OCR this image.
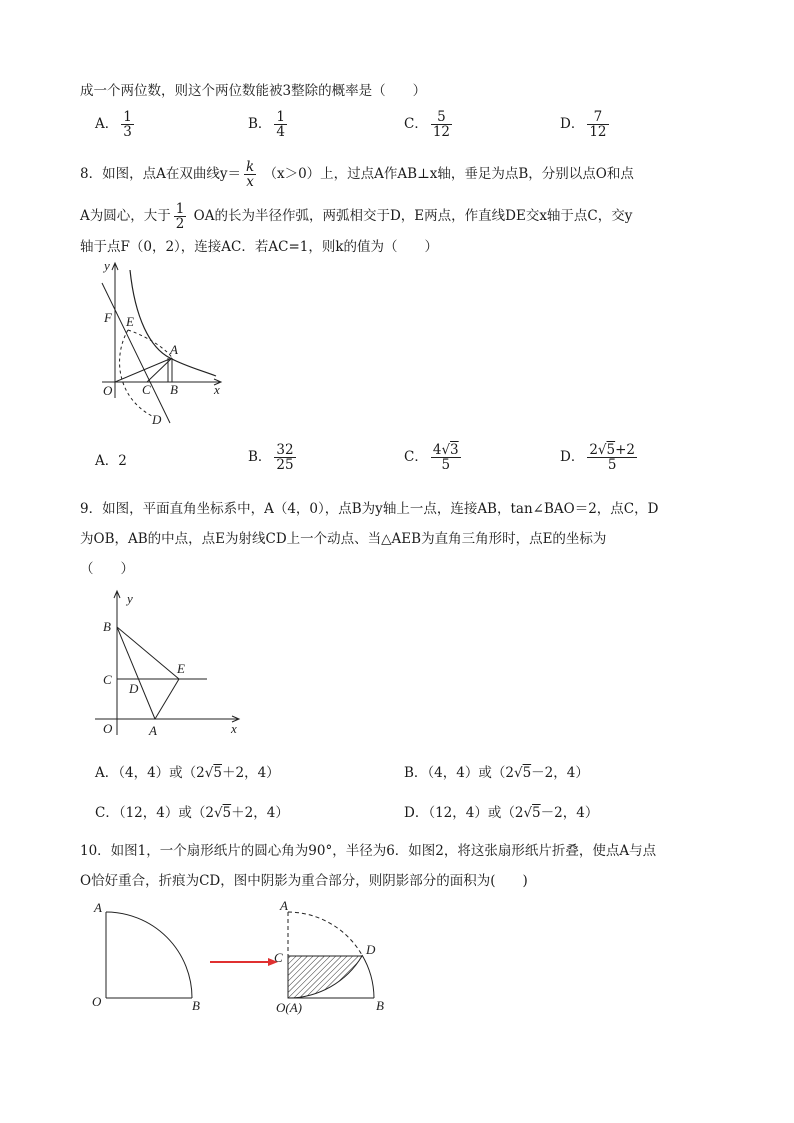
成一个两位数，则这个两位数能被3整除的概率是（　　）
A． $\frac{1}{3}$	B． $\frac{1}{4}$	C． $\frac{5}{12}$	D． $\frac{7}{12}$
8．如图，点A在双曲线$y= \frac{k}{x} (x>0)$上，过点A作AB⊥x轴，垂足为点B，分别以点O和点
A为圆心，大于 $\frac{1}{2}$ OA的长为半径作弧，两弧相交于D，E两点，作直线DE交x轴于点C，交y
轴于点F（0，2），连接AC．若AC=1，则k的值为（　　）
y
F E
A
O C B	x
D
A．2	B． $\frac{32}{25}$	C． $\frac{4√3}{5}$	D． $\frac{2√5+2}{5}$
9．如图，平面直角坐标系中，A（4，0），点B为y轴上一点，连接AB，tan∠BAO＝2，点C，D
为OB，AB的中点，点E为射线CD上一个动点、当△AEB为直角三角形时，点E的坐标为
（　　）
y
B
E
C
D
O	A	x
A．（4，4）或（2√5＋2，4）	B．（4，4）或（2√5－2，4）
C．（12，4）或（2√5＋2，4）	D．（12，4）或（2√5－2，4）
10．如图1，一个扇形纸片的圆心角为90°，半径为6．如图2，将这张扇形纸片折叠，使点A与点
O恰好重合，折痕为CD，图中阴影为重合部分，则阴影部分的面积为(　　)
A
O	B
A
C
D
O(A)	B
